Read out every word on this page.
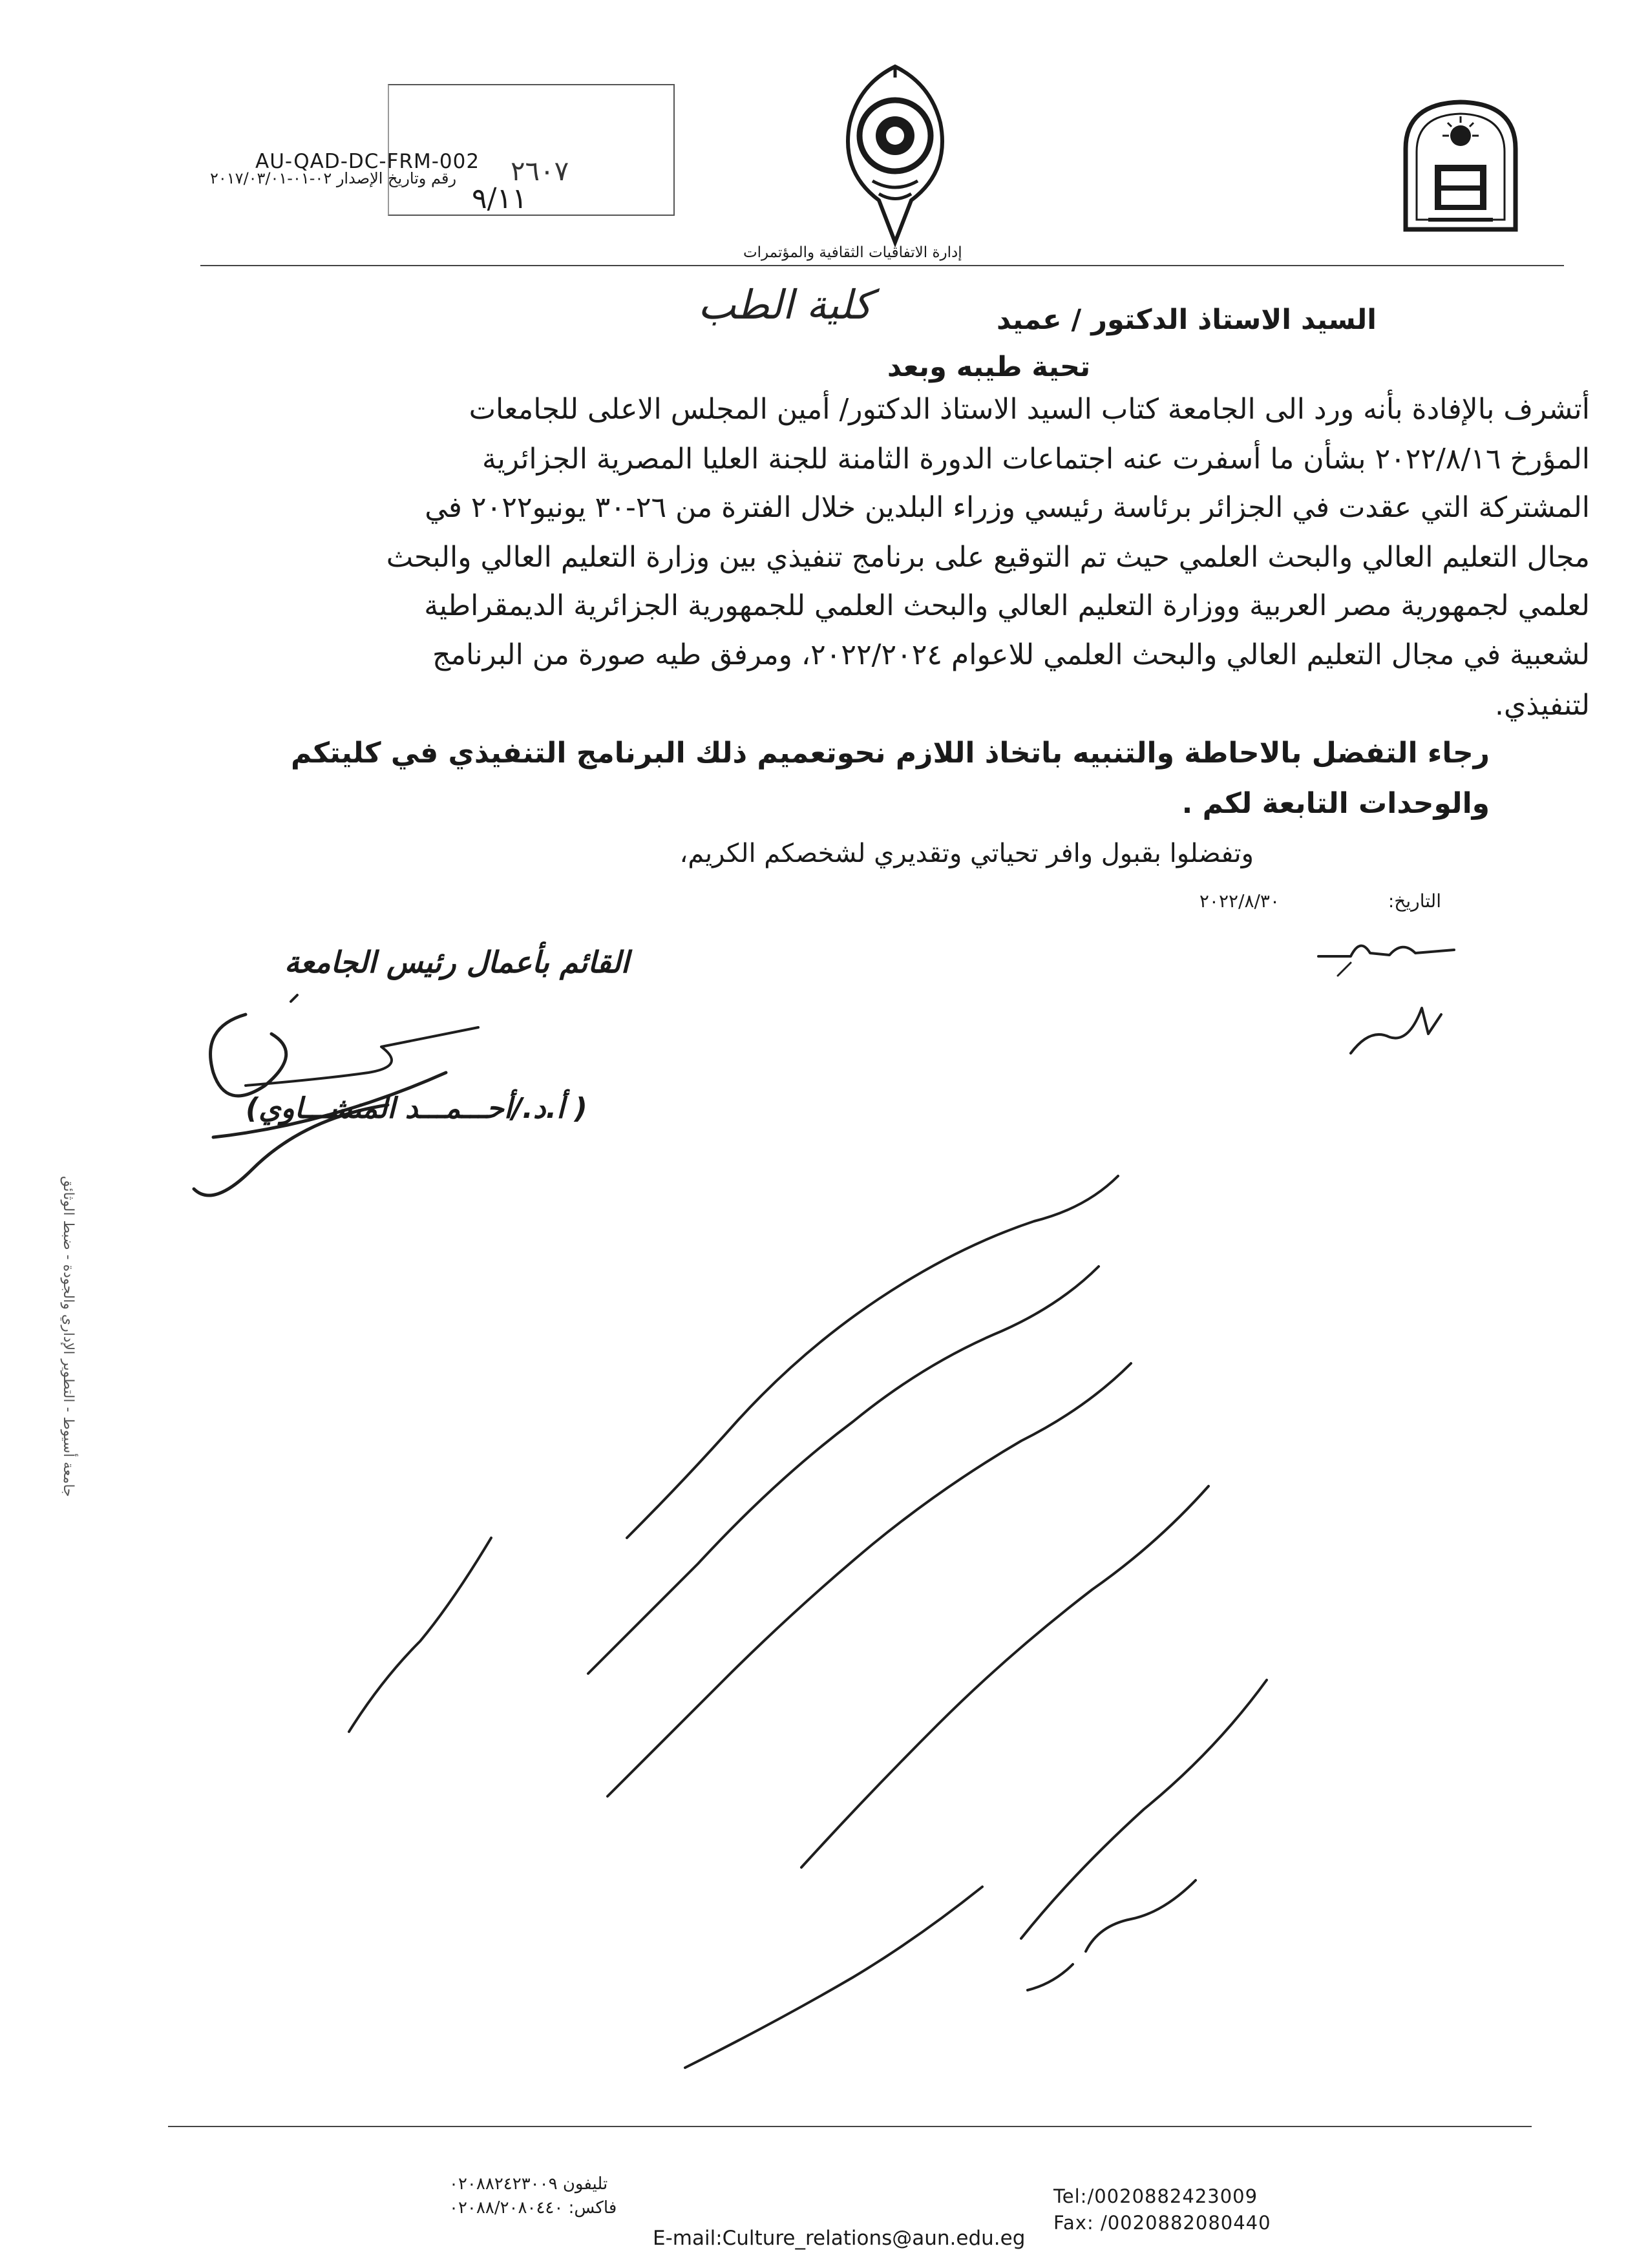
AU-QAD-DC-FRM-002
رقم وتاريخ الإصدار ٠٢-٠١-٢٠١٧/٠٣/٠١ ٢٦٠٧
٩/١١
إدارة الاتفاقيات الثقافية والمؤتمرات
السيد الاستاذ الدكتور / عميد
كلية الطب
تحية طيبه وبعد
أتشرف بالإفادة بأنه ورد الى الجامعة كتاب السيد الاستاذ الدكتور/ أمين المجلس الاعلى للجامعات
المؤرخ ٢٠٢٢/٨/١٦ بشأن ما أسفرت عنه اجتماعات الدورة الثامنة للجنة العليا المصرية الجزائرية
المشتركة التي عقدت في الجزائر برئاسة رئيسي وزراء البلدين خلال الفترة من ٢٦-٣٠ يونيو٢٠٢٢ في
مجال التعليم العالي والبحث العلمي حيث تم التوقيع على برنامج تنفيذي بين وزارة التعليم العالي والبحث
لعلمي لجمهورية مصر العربية ووزارة التعليم العالي والبحث العلمي للجمهورية الجزائرية الديمقراطية
لشعبية في مجال التعليم العالي والبحث العلمي للاعوام ٢٠٢٢/٢٠٢٤، ومرفق طيه صورة من البرنامج
لتنفيذي.
رجاء التفضل بالاحاطة والتنبيه باتخاذ اللازم نحوتعميم ذلك البرنامج التنفيذي في كليتكم
والوحدات التابعة لكم .
وتفضلوا بقبول وافر تحياتي وتقديري لشخصكم الكريم،
التاريخ:
٢٠٢٢/٨/٣٠
القائم بأعمال رئيس الجامعة
( أ.د./أحـــمـــد المنشـــاوي)
جامعة أسيوط - التطوير الإداري والجودة - ضبط الوثائق
تليفون ٠٢٠٨٨٢٤٢٣٠٠٩
فاكس: ٠٢٠٨٨/٢٠٨٠٤٤٠
Tel:/0020882423009
Fax: /0020882080440
E-mail:Culture_relations@aun.edu.eg
